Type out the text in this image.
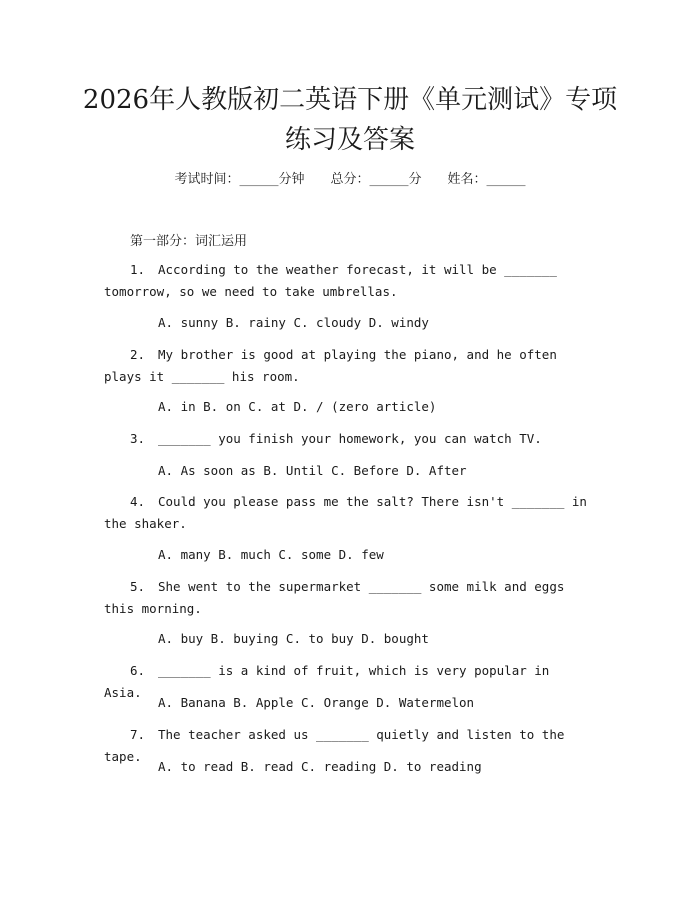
2026年人教版初二英语下册《单元测试》专项练习及答案
考试时间：______分钟 总分：______分 姓名：______
第一部分：词汇运用

1. According to the weather forecast, it will be _______ tomorrow, so we need to take umbrellas.

A. sunny B. rainy C. cloudy D. windy

2. My brother is good at playing the piano, and he often plays it _______ his room.

A. in B. on C. at D. / (zero article)

3. _______ you finish your homework, you can watch TV.

A. As soon as B. Until C. Before D. After

4. Could you please pass me the salt? There isn't _______ in the shaker.

A. many B. much C. some D. few

5. She went to the supermarket _______ some milk and eggs this morning.

A. buy B. buying C. to buy D. bought

6. _______ is a kind of fruit, which is very popular in Asia.

A. Banana B. Apple C. Orange D. Watermelon

7. The teacher asked us _______ quietly and listen to the tape.

A. to read B. read C. reading D. to reading
